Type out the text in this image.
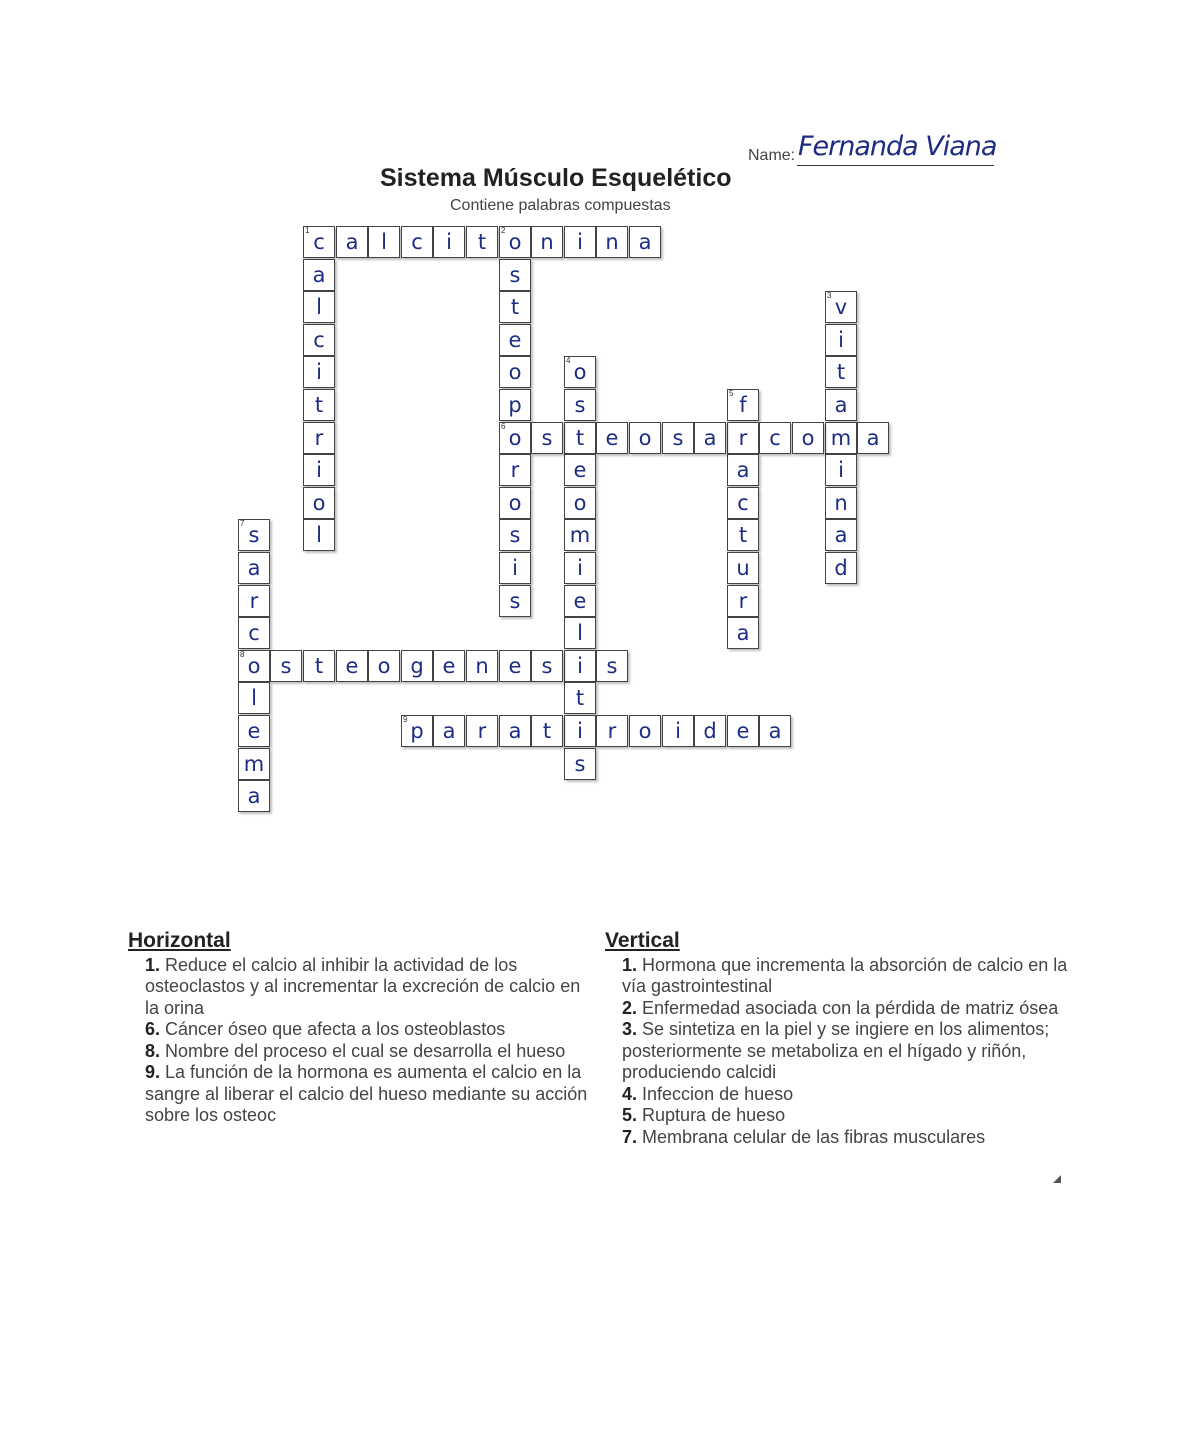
Sistema Músculo Esquelético
Contiene palabras compuestas
Name: Fernanda Viana
1 c a	l	c	i	t	2 o n	i	n a
a
l
c
i
t
r
i
o
l
s
t
e
o
p
6 o
r
o
s
i
s
3 v
i
t
a
m
i
n
a
d
4 o
s
t
e
o
m
i
e
l
i
t
i
s
5 f
r
a
c
t
u
r
a
s	e o	s a	c o	a
7 s
a
r
c
8 o
l
e
m
a
s	t	e o g e n e s	s
9 p a	r	a	t	r	o	i	d e a
Horizontal
1. Reduce el calcio al inhibir la actividad de los osteoclastos y al incrementar la excreción de calcio en la orina
6. Cáncer óseo que afecta a los osteoblastos
8. Nombre del proceso el cual se desarrolla el hueso
9. La función de la hormona es aumenta el calcio en la sangre al liberar el calcio del hueso mediante su acción sobre los osteoc
Vertical
1. Hormona que incrementa la absorción de calcio en la vía gastrointestinal
2. Enfermedad asociada con la pérdida de matriz ósea
3. Se sintetiza en la piel y se ingiere en los alimentos; posteriormente se metaboliza en el hígado y riñón, produciendo calcidi
4. Infeccion de hueso
5. Ruptura de hueso
7. Membrana celular de las fibras musculares
